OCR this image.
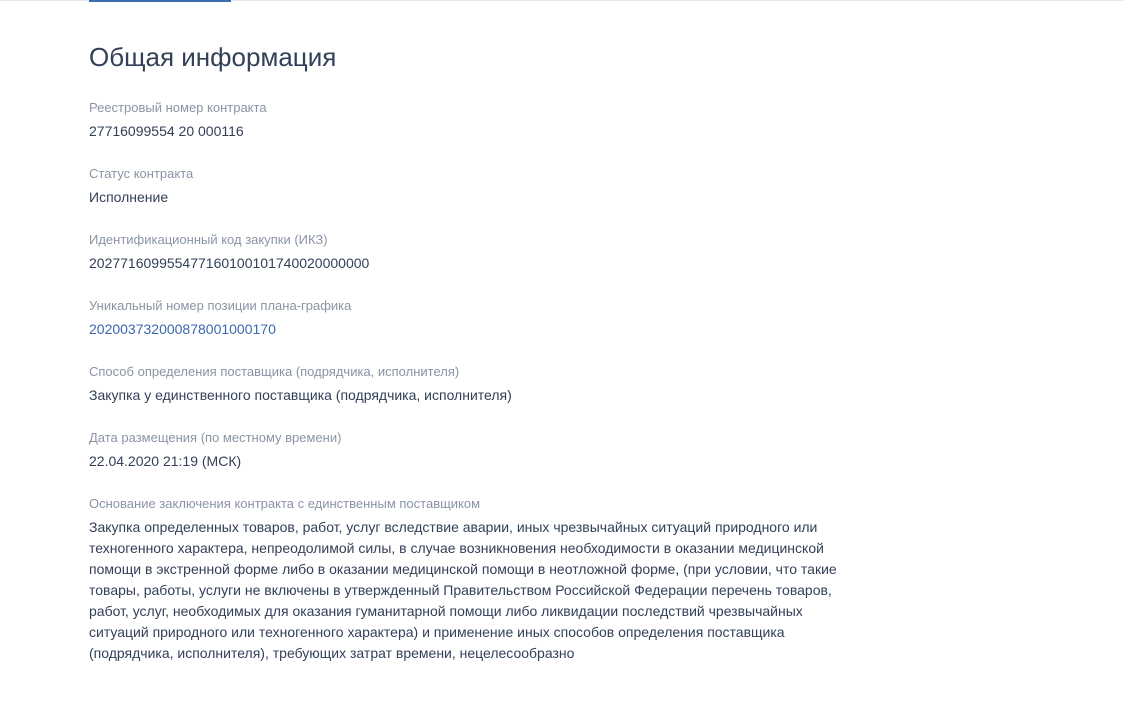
Общая информация
Реестровый номер контракта
27716099554 20 000116
Статус контракта
Исполнение
Идентификационный код закупки (ИКЗ)
202771609955477160100101740020000000
Уникальный номер позиции плана-графика
202003732000878001000170
Способ определения поставщика (подрядчика, исполнителя)
Закупка у единственного поставщика (подрядчика, исполнителя)
Дата размещения (по местному времени)
22.04.2020 21:19 (МСК)
Основание заключения контракта с единственным поставщиком
Закупка определенных товаров, работ, услуг вследствие аварии, иных чрезвычайных ситуаций природного или техногенного характера, непреодолимой силы, в случае возникновения необходимости в оказании медицинской помощи в экстренной форме либо в оказании медицинской помощи в неотложной форме, (при условии, что такие товары, работы, услуги не включены в утвержденный Правительством Российской Федерации перечень товаров, работ, услуг, необходимых для оказания гуманитарной помощи либо ликвидации последствий чрезвычайных ситуаций природного или техногенного характера) и применение иных способов определения поставщика (подрядчика, исполнителя), требующих затрат времени, нецелесообразно
